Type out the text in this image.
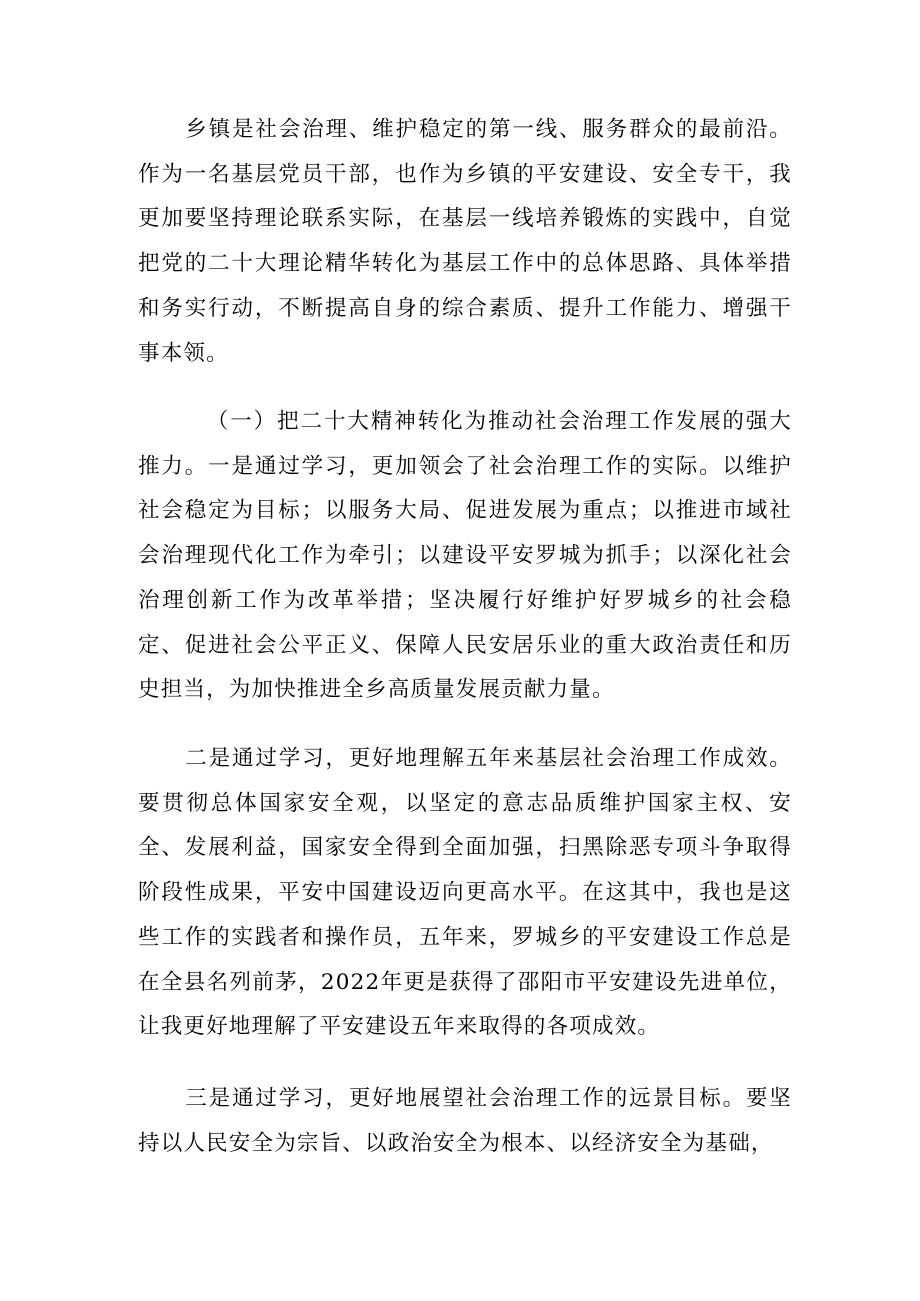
乡镇是社会治理、维护稳定的第一线、服务群众的最前沿。作为一名基层党员干部，也作为乡镇的平安建设、安全专干，我更加要坚持理论联系实际，在基层一线培养锻炼的实践中，自觉把党的二十大理论精华转化为基层工作中的总体思路、具体举措和务实行动，不断提高自身的综合素质、提升工作能力、增强干事本领。

（一）把二十大精神转化为推动社会治理工作发展的强大推力。一是通过学习，更加领会了社会治理工作的实际。以维护社会稳定为目标；以服务大局、促进发展为重点；以推进市域社会治理现代化工作为牵引；以建设平安罗城为抓手；以深化社会治理创新工作为改革举措；坚决履行好维护好罗城乡的社会稳定、促进社会公平正义、保障人民安居乐业的重大政治责任和历史担当，为加快推进全乡高质量发展贡献力量。

二是通过学习，更好地理解五年来基层社会治理工作成效。要贯彻总体国家安全观，以坚定的意志品质维护国家主权、安全、发展利益，国家安全得到全面加强，扫黑除恶专项斗争取得阶段性成果，平安中国建设迈向更高水平。在这其中，我也是这些工作的实践者和操作员，五年来，罗城乡的平安建设工作总是在全县名列前茅，2022年更是获得了邵阳市平安建设先进单位，让我更好地理解了平安建设五年来取得的各项成效。

三是通过学习，更好地展望社会治理工作的远景目标。要坚持以人民安全为宗旨、以政治安全为根本、以经济安全为基础，
